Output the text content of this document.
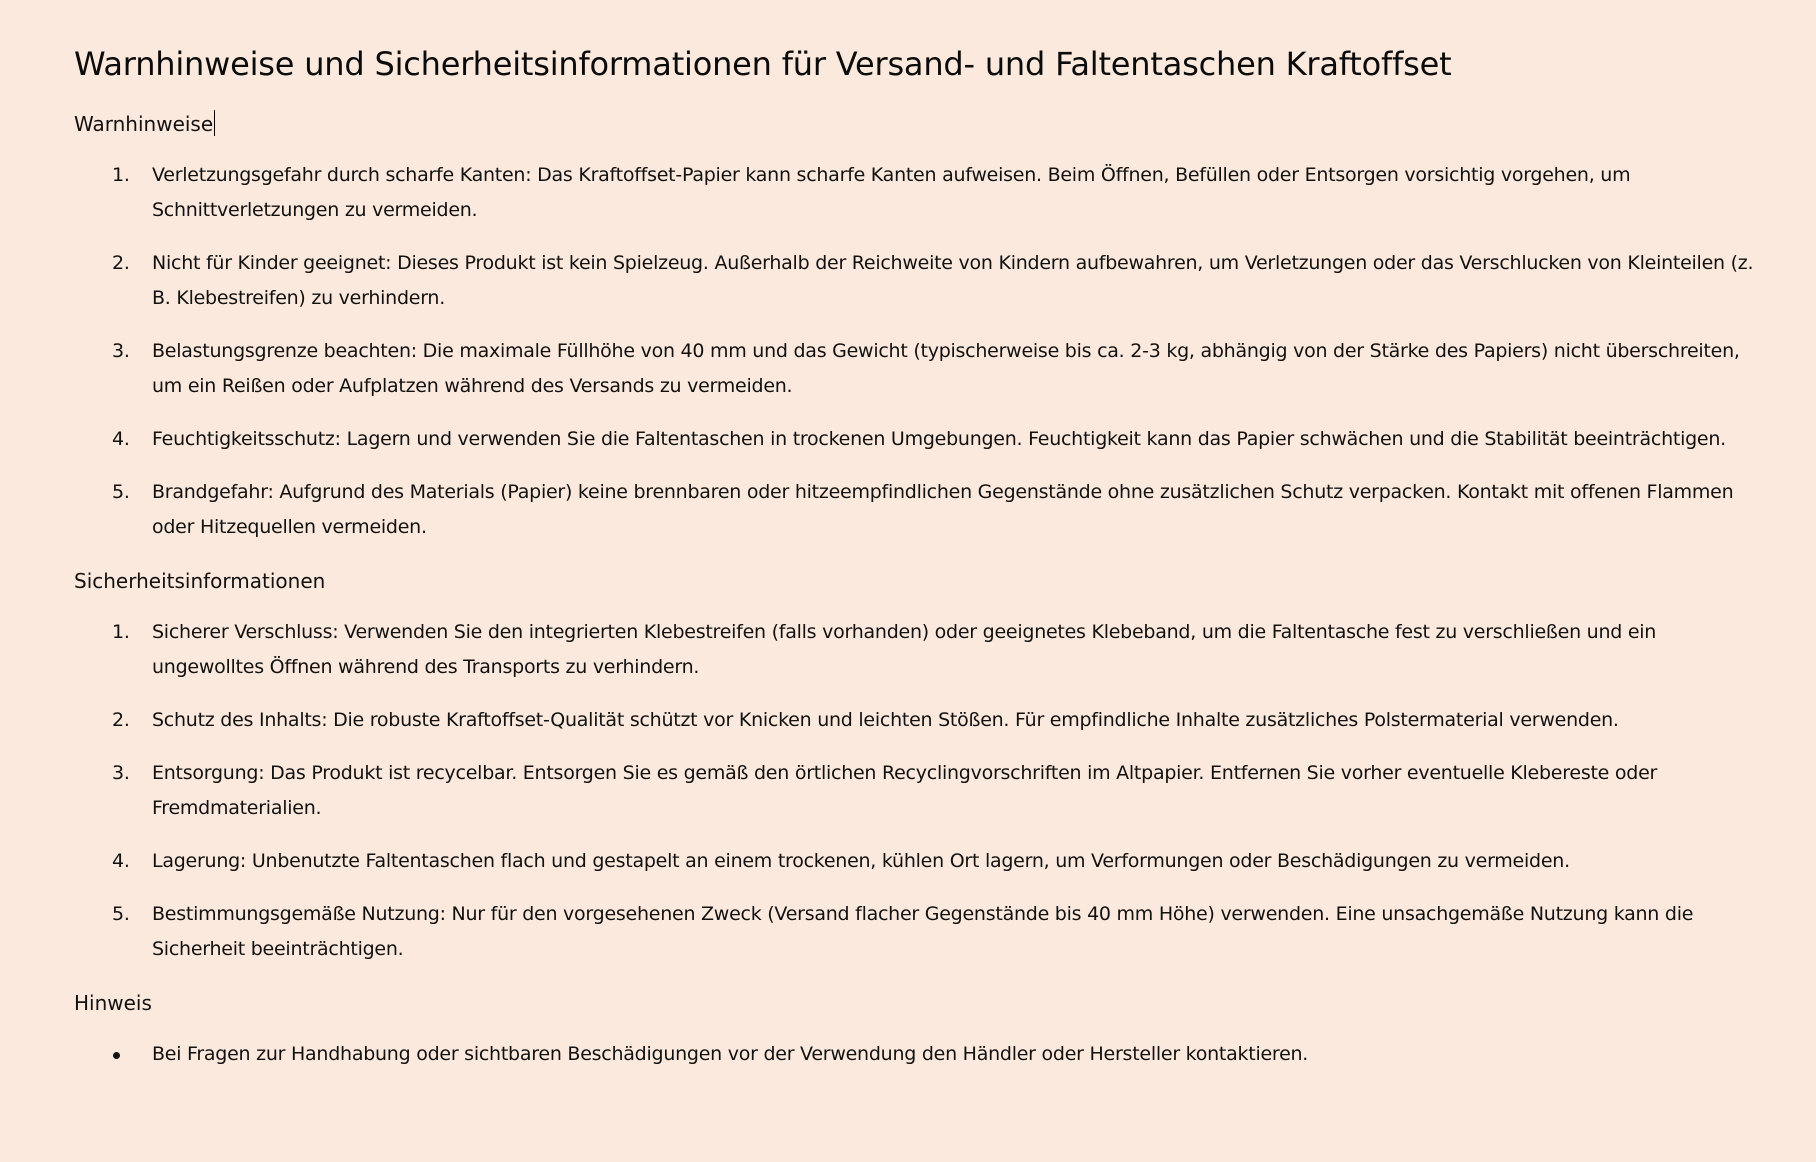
Warnhinweise und Sicherheitsinformationen für Versand- und Faltentaschen Kraftoffset
Warnhinweise
1.	Verletzungsgefahr durch scharfe Kanten: Das Kraftoffset-Papier kann scharfe Kanten aufweisen. Beim Öffnen, Befüllen oder Entsorgen vorsichtig vorgehen, um Schnittverletzungen zu vermeiden.
2.	Nicht für Kinder geeignet: Dieses Produkt ist kein Spielzeug. Außerhalb der Reichweite von Kindern aufbewahren, um Verletzungen oder das Verschlucken von Kleinteilen (z. B. Klebestreifen) zu verhindern.
3.	Belastungsgrenze beachten: Die maximale Füllhöhe von 40 mm und das Gewicht (typischerweise bis ca. 2-3 kg, abhängig von der Stärke des Papiers) nicht überschreiten, um ein Reißen oder Aufplatzen während des Versands zu vermeiden.
4.	Feuchtigkeitsschutz: Lagern und verwenden Sie die Faltentaschen in trockenen Umgebungen. Feuchtigkeit kann das Papier schwächen und die Stabilität beeinträchtigen.
5.	Brandgefahr: Aufgrund des Materials (Papier) keine brennbaren oder hitzeempfindlichen Gegenstände ohne zusätzlichen Schutz verpacken. Kontakt mit offenen Flammen oder Hitzequellen vermeiden.
Sicherheitsinformationen
1.	Sicherer Verschluss: Verwenden Sie den integrierten Klebestreifen (falls vorhanden) oder geeignetes Klebeband, um die Faltentasche fest zu verschließen und ein ungewolltes Öffnen während des Transports zu verhindern.
2.	Schutz des Inhalts: Die robuste Kraftoffset-Qualität schützt vor Knicken und leichten Stößen. Für empfindliche Inhalte zusätzliches Polstermaterial verwenden.
3.	Entsorgung: Das Produkt ist recycelbar. Entsorgen Sie es gemäß den örtlichen Recyclingvorschriften im Altpapier. Entfernen Sie vorher eventuelle Klebereste oder Fremdmaterialien.
4.	Lagerung: Unbenutzte Faltentaschen flach und gestapelt an einem trockenen, kühlen Ort lagern, um Verformungen oder Beschädigungen zu vermeiden.
5.	Bestimmungsgemäße Nutzung: Nur für den vorgesehenen Zweck (Versand flacher Gegenstände bis 40 mm Höhe) verwenden. Eine unsachgemäße Nutzung kann die Sicherheit beeinträchtigen.
Hinweis
Bei Fragen zur Handhabung oder sichtbaren Beschädigungen vor der Verwendung den Händler oder Hersteller kontaktieren.
